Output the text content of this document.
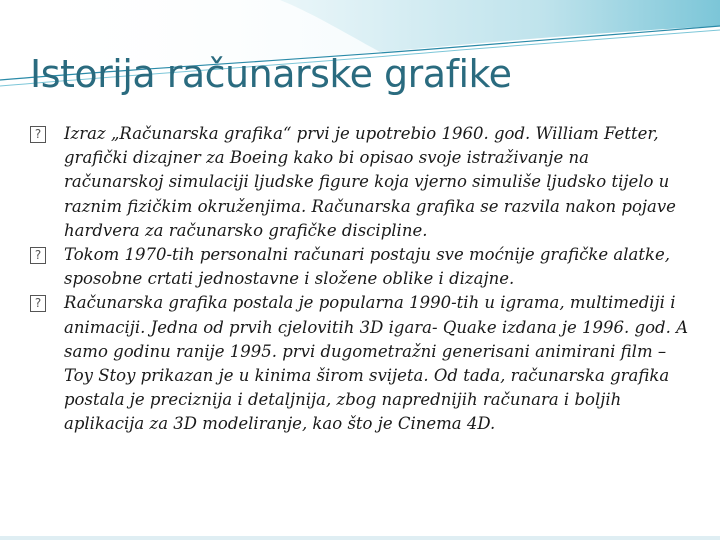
Istorija računarske grafike

? Izraz „Računarska grafika“ prvi je upotrebio 1960. god. William Fetter, grafički dizajner za Boeing kako bi opisao svoje istraživanje na računarskoj simulaciji ljudske figure koja vjerno simuliše ljudsko tijelo u raznim fizičkim okruženjima. Računarska grafika se razvila nakon pojave hardvera za računarsko grafičke discipline.

? Tokom 1970-tih personalni računari postaju sve moćnije grafičke alatke, sposobne crtati jednostavne i složene oblike i dizajne.

? Računarska grafika postala je popularna 1990-tih u igrama, multimediji i animaciji. Jedna od prvih cjelovitih 3D igara- Quake izdana je 1996. god. A samo godinu ranije 1995. prvi dugometražni generisani animirani film – Toy Stoy prikazan je u kinima širom svijeta. Od tada, računarska grafika postala je precizniјa i detaljnija, zbog naprednijih računara i boljih aplikacija za 3D modeliranje, kao što je Cinema 4D.
